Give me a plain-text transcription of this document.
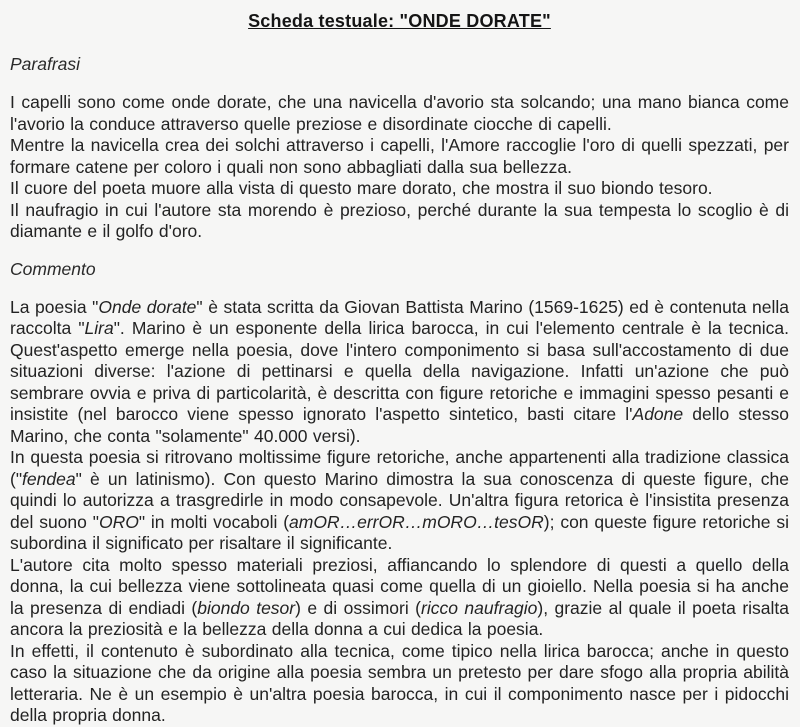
Scheda testuale: "ONDE DORATE"
Parafrasi

I capelli sono come onde dorate, che una navicella d'avorio sta solcando; una mano bianca come l'avorio la conduce attraverso quelle preziose e disordinate ciocche di capelli.

Mentre la navicella crea dei solchi attraverso i capelli, l'Amore raccoglie l'oro di quelli spezzati, per formare catene per coloro i quali non sono abbagliati dalla sua bellezza.

Il cuore del poeta muore alla vista di questo mare dorato, che mostra il suo biondo tesoro.

Il naufragio in cui l'autore sta morendo è prezioso, perché durante la sua tempesta lo scoglio è di diamante e il golfo d'oro.

Commento

La poesia "Onde dorate" è stata scritta da Giovan Battista Marino (1569-1625) ed è contenuta nella raccolta "Lira". Marino è un esponente della lirica barocca, in cui l'elemento centrale è la tecnica. Quest'aspetto emerge nella poesia, dove l'intero componimento si basa sull'accostamento di due situazioni diverse: l'azione di pettinarsi e quella della navigazione. Infatti un'azione che può sembrare ovvia e priva di particolarità, è descritta con figure retoriche e immagini spesso pesanti e insistite (nel barocco viene spesso ignorato l'aspetto sintetico, basti citare l'Adone dello stesso Marino, che conta "solamente" 40.000 versi).

In questa poesia si ritrovano moltissime figure retoriche, anche appartenenti alla tradizione classica ("fendea" è un latinismo). Con questo Marino dimostra la sua conoscenza di queste figure, che quindi lo autorizza a trasgredirle in modo consapevole. Un'altra figura retorica è l'insistita presenza del suono "ORO" in molti vocaboli (amOR…errOR…mORO…tesOR); con queste figure retoriche si subordina il significato per risaltare il significante.

L'autore cita molto spesso materiali preziosi, affiancando lo splendore di questi a quello della donna, la cui bellezza viene sottolineata quasi come quella di un gioiello. Nella poesia si ha anche la presenza di endiadi (biondo tesor) e di ossimori (ricco naufragio), grazie al quale il poeta risalta ancora la preziosità e la bellezza della donna a cui dedica la poesia.

In effetti, il contenuto è subordinato alla tecnica, come tipico nella lirica barocca; anche in questo caso la situazione che da origine alla poesia sembra un pretesto per dare sfogo alla propria abilità letteraria. Ne è un esempio è un'altra poesia barocca, in cui il componimento nasce per i pidocchi della propria donna.
